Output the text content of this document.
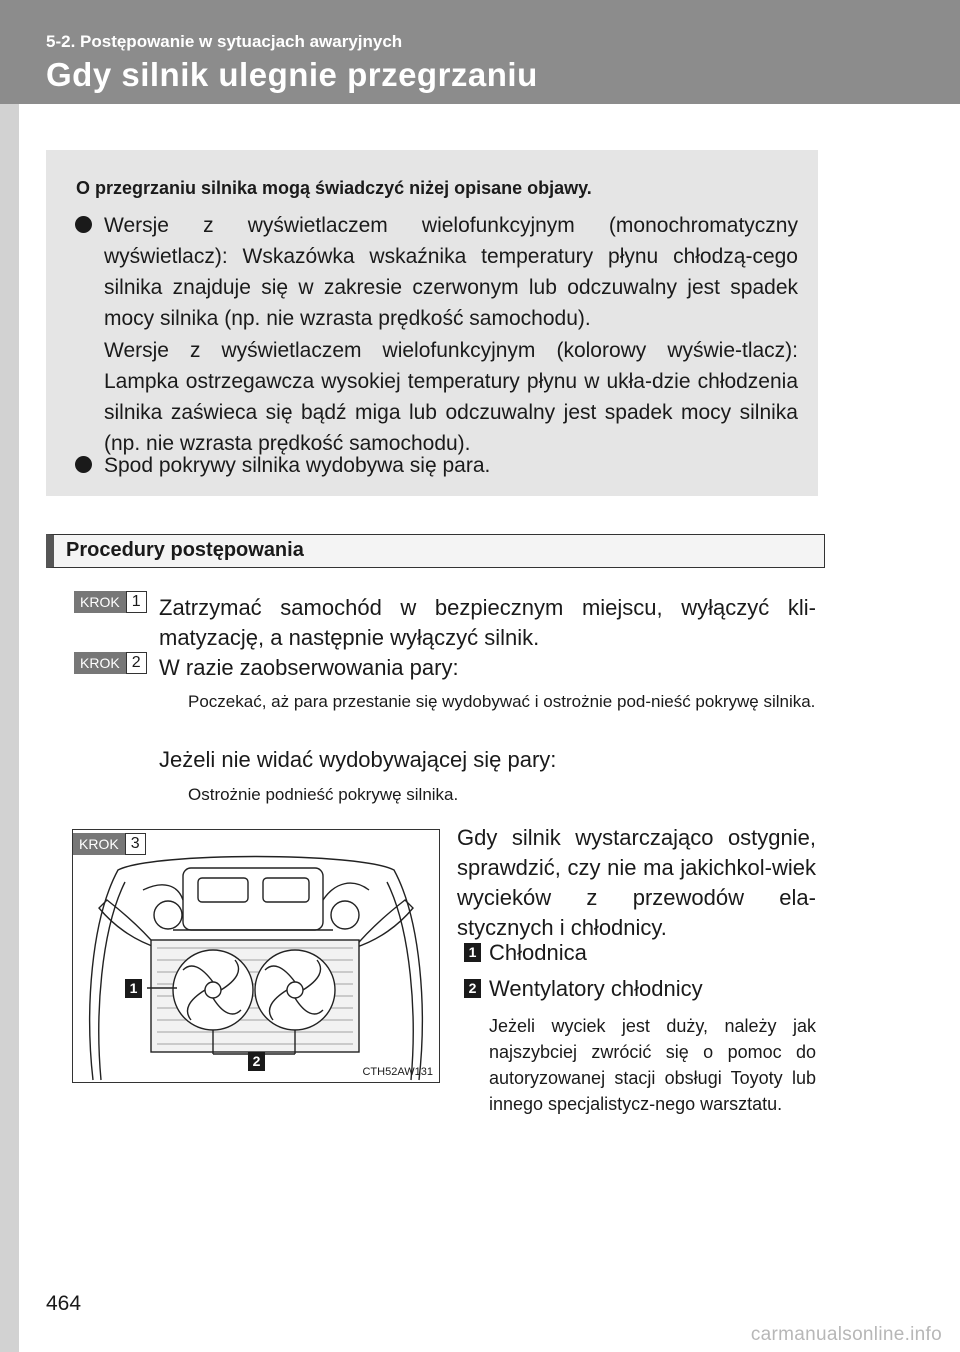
5-2. Postępowanie w sytuacjach awaryjnych
Gdy silnik ulegnie przegrzaniu
O przegrzaniu silnika mogą świadczyć niżej opisane objawy.
Wersje z wyświetlaczem wielofunkcyjnym (monochromatyczny wyświetlacz): Wskazówka wskaźnika temperatury płynu chłodzą-cego silnika znajduje się w zakresie czerwonym lub odczuwalny jest spadek mocy silnika (np. nie wzrasta prędkość samochodu).
Wersje z wyświetlaczem wielofunkcyjnym (kolorowy wyświe-tlacz): Lampka ostrzegawcza wysokiej temperatury płynu w ukła-dzie chłodzenia silnika zaświeca się bądź miga lub odczuwalny jest spadek mocy silnika (np. nie wzrasta prędkość samochodu).
Spod pokrywy silnika wydobywa się para.
Procedury postępowania
KROK 1 Zatrzymać samochód w bezpiecznym miejscu, wyłączyć kli-matyzację, a następnie wyłączyć silnik.
KROK 2 W razie zaobserwowania pary:
Poczekać, aż para przestanie się wydobywać i ostrożnie pod-nieść pokrywę silnika.
Jeżeli nie widać wydobywającej się pary:
Ostrożnie podnieść pokrywę silnika.
KROK 3
1
2
CTH52AW131
Gdy silnik wystarczająco ostygnie, sprawdzić, czy nie ma jakichkol-wiek wycieków z przewodów ela-stycznych i chłodnicy.
1 Chłodnica
2 Wentylatory chłodnicy
Jeżeli wyciek jest duży, należy jak najszybciej zwrócić się o pomoc do autoryzowanej stacji obsługi Toyoty lub innego specjalistycz-nego warsztatu.
464
carmanualsonline.info
